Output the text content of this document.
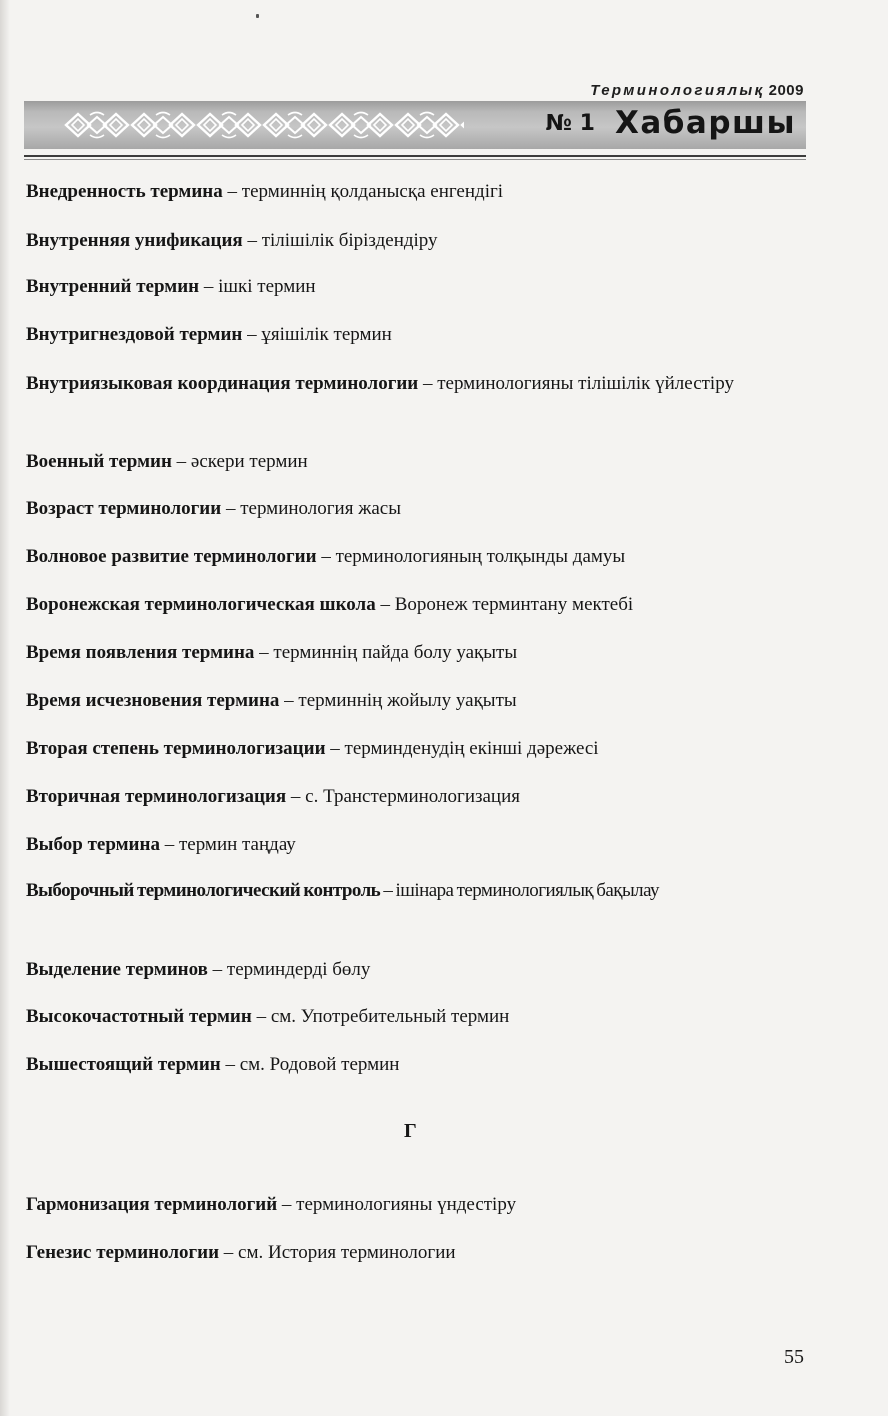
Терминологиялық 2009
№ 1 Хабаршы
Внедренность термина – терминнің қолданысқа енгендігі
Внутренняя унификация – тілішілік біріздендіру
Внутренний термин – ішкі термин
Внутригнездовой термин – ұяішілік термин
Внутриязыковая координация терминологии – терминологияны тілішілік үйлестіру
Военный термин – әскери термин
Возраст терминологии – терминология жасы
Волновое развитие терминологии – терминологияның толқынды дамуы
Воронежская терминологическая школа – Воронеж терминтану мектебі
Время появления термина – терминнің пайда болу уақыты
Время исчезновения термина – терминнің жойылу уақыты
Вторая степень терминологизации – терминденудің екінші дәрежесі
Вторичная терминологизация – с. Транстерминологизация
Выбор термина – термин таңдау
Выборочный терминологический контроль – ішінара терминологиялық бақылау
Выделение терминов – терминдерді бөлу
Высокочастотный термин – см. Употребительный термин
Вышестоящий термин – см. Родовой термин
Гармонизация терминологий – терминологияны үндестіру
Генезис терминологии – см. История терминологии
Г
55
